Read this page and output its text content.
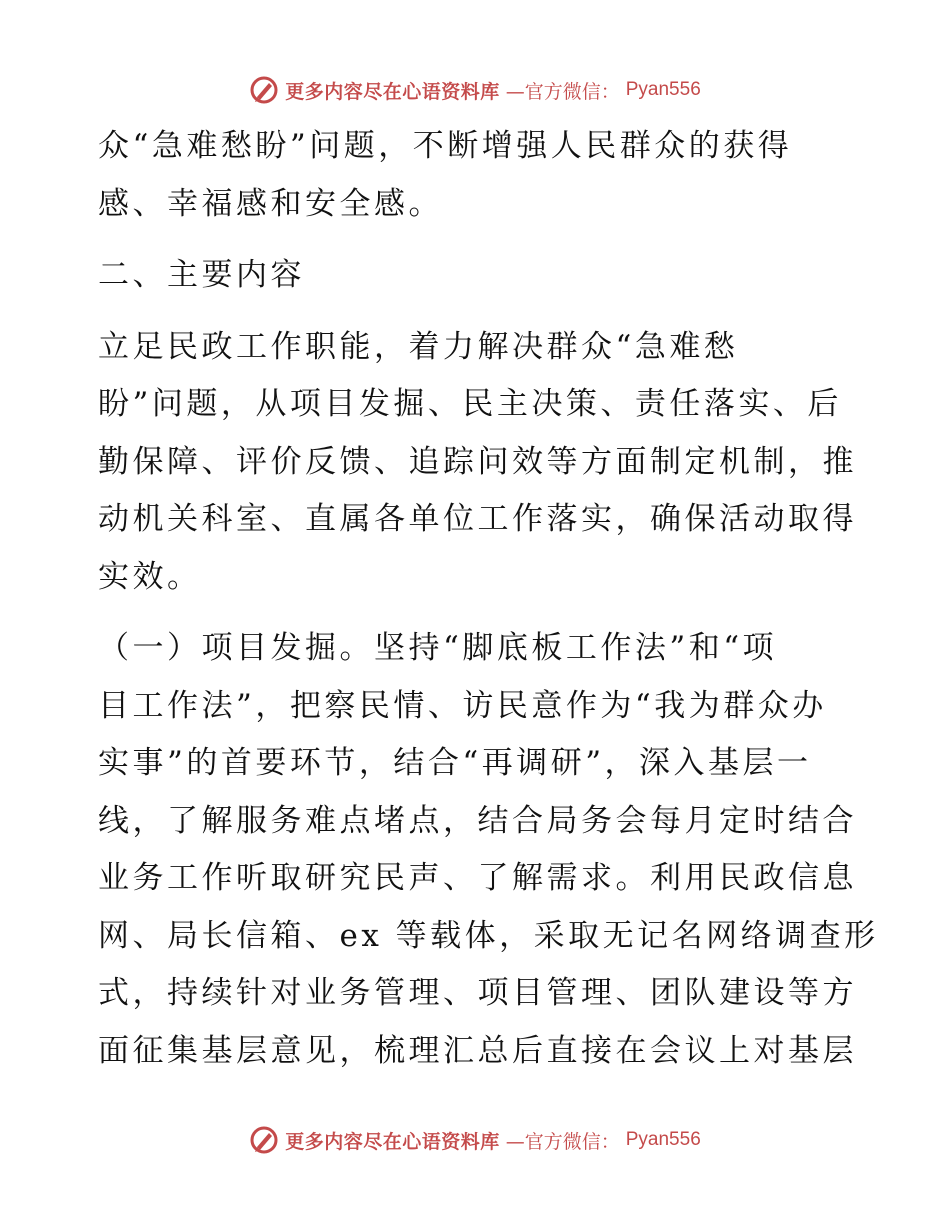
更多内容尽在心语资料库 —官方微信： Pyan556
众“急难愁盼”问题，不断增强人民群众的获得
感、幸福感和安全感。
二、主要内容
立足民政工作职能，着力解决群众“急难愁
盼”问题，从项目发掘、民主决策、责任落实、后
勤保障、评价反馈、追踪问效等方面制定机制，推
动机关科室、直属各单位工作落实，确保活动取得
实效。
（一）项目发掘。坚持“脚底板工作法”和“项
目工作法”，把察民情、访民意作为“我为群众办
实事”的首要环节，结合“再调研”，深入基层一
线，了解服务难点堵点，结合局务会每月定时结合
业务工作听取研究民声、了解需求。利用民政信息
网、局长信箱、ex 等载体，采取无记名网络调查形
式，持续针对业务管理、项目管理、团队建设等方
面征集基层意见，梳理汇总后直接在会议上对基层
更多内容尽在心语资料库 —官方微信： Pyan556
